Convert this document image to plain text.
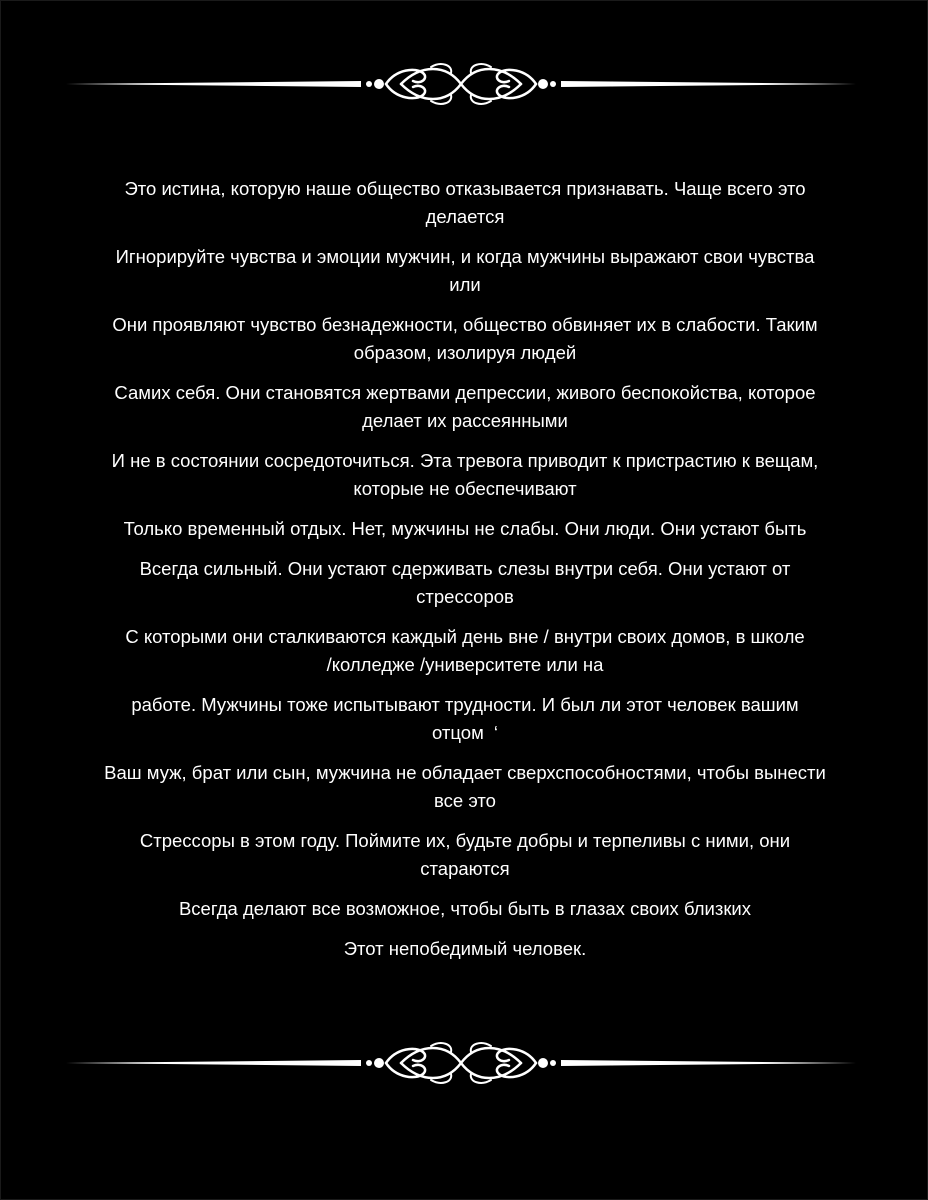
Это истина, которую наше общество отказывается признавать. Чаще всего это
делается

Игнорируйте чувства и эмоции мужчин, и когда мужчины выражают свои чувства
или

Они проявляют чувство безнадежности, общество обвиняет их в слабости. Таким
образом, изолируя людей

Самих себя. Они становятся жертвами депрессии, живого беспокойства, которое
делает их рассеянными

И не в состоянии сосредоточиться. Эта тревога приводит к пристрастию к вещам,
которые не обеспечивают

Только временный отдых. Нет, мужчины не слабы. Они люди. Они устают быть

Всегда сильный. Они устают сдерживать слезы внутри себя. Они устают от
стрессоров

С которыми они сталкиваются каждый день вне / внутри своих домов, в школе
/колледже /университете или на

работе. Мужчины тоже испытывают трудности. И был ли этот человек вашим
отцом ‘

Ваш муж, брат или сын, мужчина не обладает сверхспособностями, чтобы вынести
все это

Стрессоры в этом году. Поймите их, будьте добры и терпеливы с ними, они
стараются

Всегда делают все возможное, чтобы быть в глазах своих близких

Этот непобедимый человек.
